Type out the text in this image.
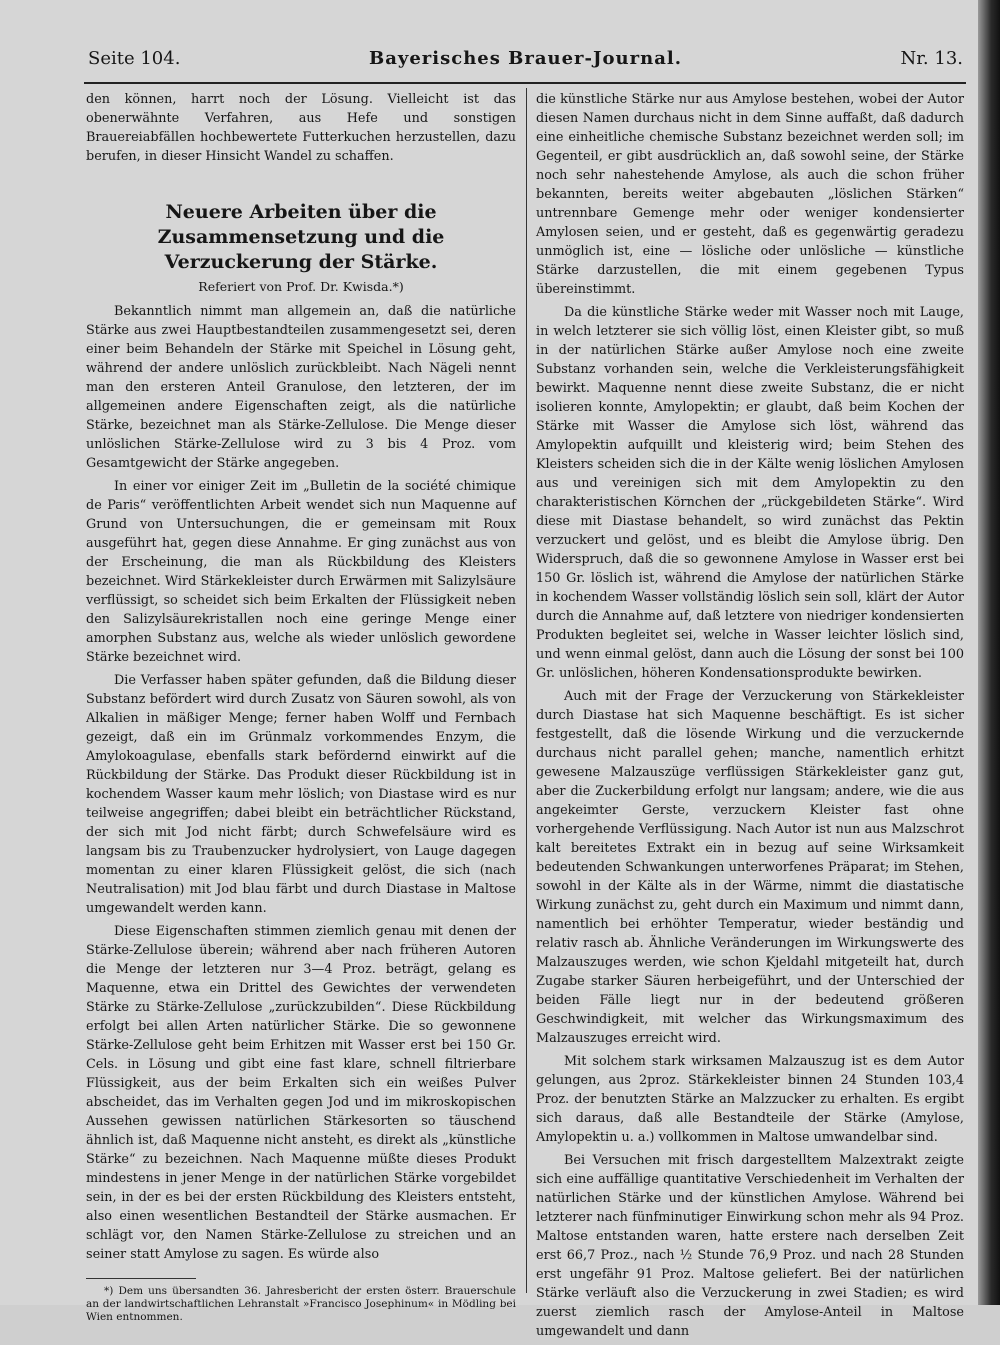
Seite 104.	Bayerisches Brauer-Journal.	Nr. 13.

den können, harrt noch der Lösung. Vielleicht ist das obenerwähnte Verfahren, aus Hefe und sonstigen Brauereiabfällen hochbewertete Futterkuchen herzustellen, dazu berufen, in dieser Hinsicht Wandel zu schaffen.

Neuere Arbeiten über die Zusammensetzung und die Verzuckerung der Stärke.
Referiert von Prof. Dr. Kwisda.*)

Bekanntlich nimmt man allgemein an, daß die natürliche Stärke aus zwei Hauptbestandteilen zusammengesetzt sei, deren einer beim Behandeln der Stärke mit Speichel in Lösung geht, während der andere unlöslich zurückbleibt. Nach Nägeli nennt man den ersteren Anteil Granulose, den letzteren, der im allgemeinen andere Eigenschaften zeigt, als die natürliche Stärke, bezeichnet man als Stärke-Zellulose. Die Menge dieser unlöslichen Stärke-Zellulose wird zu 3 bis 4 Proz. vom Gesamtgewicht der Stärke angegeben.

In einer vor einiger Zeit im „Bulletin de la société chimique de Paris“ veröffentlichten Arbeit wendet sich nun Maquenne auf Grund von Untersuchungen, die er gemeinsam mit Roux ausgeführt hat, gegen diese Annahme. Er ging zunächst aus von der Erscheinung, die man als Rückbildung des Kleisters bezeichnet. Wird Stärkekleister durch Erwärmen mit Salizylsäure verflüssigt, so scheidet sich beim Erkalten der Flüssigkeit neben den Salizylsäurekristallen noch eine geringe Menge einer amorphen Substanz aus, welche als wieder unlöslich gewordene Stärke bezeichnet wird.

Die Verfasser haben später gefunden, daß die Bildung dieser Substanz befördert wird durch Zusatz von Säuren sowohl, als von Alkalien in mäßiger Menge; ferner haben Wolff und Fernbach gezeigt, daß ein im Grünmalz vorkommendes Enzym, die Amylokoagulase, ebenfalls stark befördernd einwirkt auf die Rückbildung der Stärke. Das Produkt dieser Rückbildung ist in kochendem Wasser kaum mehr löslich; von Diastase wird es nur teilweise angegriffen; dabei bleibt ein beträchtlicher Rückstand, der sich mit Jod nicht färbt; durch Schwefelsäure wird es langsam bis zu Traubenzucker hydrolysiert, von Lauge dagegen momentan zu einer klaren Flüssigkeit gelöst, die sich (nach Neutralisation) mit Jod blau färbt und durch Diastase in Maltose umgewandelt werden kann.

Diese Eigenschaften stimmen ziemlich genau mit denen der Stärke-Zellulose überein; während aber nach früheren Autoren die Menge der letzteren nur 3—4 Proz. beträgt, gelang es Maquenne, etwa ein Drittel des Gewichtes der verwendeten Stärke zu Stärke-Zellulose „zurückzubilden“. Diese Rückbildung erfolgt bei allen Arten natürlicher Stärke. Die so gewonnene Stärke-Zellulose geht beim Erhitzen mit Wasser erst bei 150 Gr. Cels. in Lösung und gibt eine fast klare, schnell filtrierbare Flüssigkeit, aus der beim Erkalten sich ein weißes Pulver abscheidet, das im Verhalten gegen Jod und im mikroskopischen Aussehen gewissen natürlichen Stärkesorten so täuschend ähnlich ist, daß Maquenne nicht ansteht, es direkt als „künstliche Stärke“ zu bezeichnen. Nach Maquenne müßte dieses Produkt mindestens in jener Menge in der natürlichen Stärke vorgebildet sein, in der es bei der ersten Rückbildung des Kleisters entsteht, also einen wesentlichen Bestandteil der Stärke ausmachen. Er schlägt vor, den Namen Stärke-Zellulose zu streichen und an seiner statt Amylose zu sagen. Es würde also

*) Dem uns übersandten 36. Jahresbericht der ersten österr. Brauerschule an der landwirtschaftlichen Lehranstalt »Francisco Josephinum« in Mödling bei Wien entnommen.

die künstliche Stärke nur aus Amylose bestehen, wobei der Autor diesen Namen durchaus nicht in dem Sinne auffaßt, daß dadurch eine einheitliche chemische Substanz bezeichnet werden soll; im Gegenteil, er gibt ausdrücklich an, daß sowohl seine, der Stärke noch sehr nahestehende Amylose, als auch die schon früher bekannten, bereits weiter abgebauten „löslichen Stärken“ untrennbare Gemenge mehr oder weniger kondensierter Amylosen seien, und er gesteht, daß es gegenwärtig geradezu unmöglich ist, eine — lösliche oder unlösliche — künstliche Stärke darzustellen, die mit einem gegebenen Typus übereinstimmt.

Da die künstliche Stärke weder mit Wasser noch mit Lauge, in welch letzterer sie sich völlig löst, einen Kleister gibt, so muß in der natürlichen Stärke außer Amylose noch eine zweite Substanz vorhanden sein, welche die Verkleisterungsfähigkeit bewirkt. Maquenne nennt diese zweite Substanz, die er nicht isolieren konnte, Amylopektin; er glaubt, daß beim Kochen der Stärke mit Wasser die Amylose sich löst, während das Amylopektin aufquillt und kleisterig wird; beim Stehen des Kleisters scheiden sich die in der Kälte wenig löslichen Amylosen aus und vereinigen sich mit dem Amylopektin zu den charakteristischen Körnchen der „rückgebildeten Stärke“. Wird diese mit Diastase behandelt, so wird zunächst das Pektin verzuckert und gelöst, und es bleibt die Amylose übrig. Den Widerspruch, daß die so gewonnene Amylose in Wasser erst bei 150 Gr. löslich ist, während die Amylose der natürlichen Stärke in kochendem Wasser vollständig löslich sein soll, klärt der Autor durch die Annahme auf, daß letztere von niedriger kondensierten Produkten begleitet sei, welche in Wasser leichter löslich sind, und wenn einmal gelöst, dann auch die Lösung der sonst bei 100 Gr. unlöslichen, höheren Kondensationsprodukte bewirken.

Auch mit der Frage der Verzuckerung von Stärkekleister durch Diastase hat sich Maquenne beschäftigt. Es ist sicher festgestellt, daß die lösende Wirkung und die verzuckernde durchaus nicht parallel gehen; manche, namentlich erhitzt gewesene Malzauszüge verflüssigen Stärkekleister ganz gut, aber die Zuckerbildung erfolgt nur langsam; andere, wie die aus angekeimter Gerste, verzuckern Kleister fast ohne vorhergehende Verflüssigung. Nach Autor ist nun aus Malzschrot kalt bereitetes Extrakt ein in bezug auf seine Wirksamkeit bedeutenden Schwankungen unterworfenes Präparat; im Stehen, sowohl in der Kälte als in der Wärme, nimmt die diastatische Wirkung zunächst zu, geht durch ein Maximum und nimmt dann, namentlich bei erhöhter Temperatur, wieder beständig und relativ rasch ab. Ähnliche Veränderungen im Wirkungswerte des Malzauszuges werden, wie schon Kjeldahl mitgeteilt hat, durch Zugabe starker Säuren herbeigeführt, und der Unterschied der beiden Fälle liegt nur in der bedeutend größeren Geschwindigkeit, mit welcher das Wirkungsmaximum des Malzauszuges erreicht wird.

Mit solchem stark wirksamen Malzauszug ist es dem Autor gelungen, aus 2proz. Stärkekleister binnen 24 Stunden 103,4 Proz. der benutzten Stärke an Malzzucker zu erhalten. Es ergibt sich daraus, daß alle Bestandteile der Stärke (Amylose, Amylopektin u. a.) vollkommen in Maltose umwandelbar sind.

Bei Versuchen mit frisch dargestelltem Malzextrakt zeigte sich eine auffällige quantitative Verschiedenheit im Verhalten der natürlichen Stärke und der künstlichen Amylose. Während bei letzterer nach fünfminutiger Einwirkung schon mehr als 94 Proz. Maltose entstanden waren, hatte erstere nach derselben Zeit erst 66,7 Proz., nach ½ Stunde 76,9 Proz. und nach 28 Stunden erst ungefähr 91 Proz. Maltose geliefert. Bei der natürlichen Stärke verläuft also die Verzuckerung in zwei Stadien; es wird zuerst ziemlich rasch der Amylose-Anteil in Maltose umgewandelt und dann
